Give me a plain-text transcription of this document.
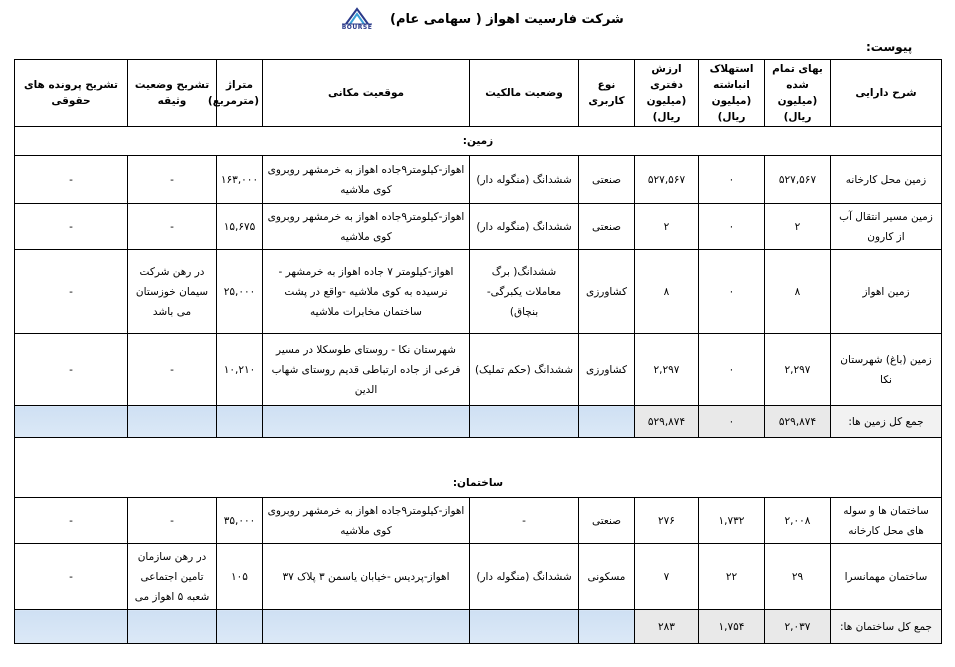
BOURSE
شرکت فارسیت اهواز ( سهامی عام)
پیوست:
شرح دارایی	بهای تمام شده (میلیون ریال)	استهلاک انباشته (میلیون ریال)	ارزش دفتری (میلیون ریال)	نوع کاربری	وضعیت مالکیت	موقعیت مکانی	متراژ (مترمربع)	تشریح وضعیت وثیقه	تشریح پرونده های حقوقی
زمین:									
زمین محل کارخانه	۵۲۷,۵۶۷	۰	۵۲۷,۵۶۷	صنعتی	ششدانگ (منگوله دار)	اهواز-کیلومتر۹جاده اهواز به خرمشهر روبروی کوی ملاشیه	۱۶۳,۰۰۰	-	-
زمین مسیر انتقال آب از کارون	۲	۰	۲	صنعتی	ششدانگ (منگوله دار)	اهواز-کیلومتر۹جاده اهواز به خرمشهر روبروی کوی ملاشیه	۱۵,۶۷۵	-	-
زمین اهواز	۸	۰	۸	کشاورزی	ششدانگ( برگ معاملات یکبرگی-بنچاق)	اهواز-کیلومتر ۷ جاده اهواز به خرمشهر - نرسیده به کوی ملاشیه -واقع در پشت ساختمان مخابرات ملاشیه	۲۵,۰۰۰	در رهن شرکت سیمان خوزستان می باشد	-
زمین (باغ) شهرستان نکا	۲,۲۹۷	۰	۲,۲۹۷	کشاورزی	ششدانگ (حکم تملیک)	شهرستان نکا - روستای طوسکلا در مسیر فرعی از جاده ارتباطی قدیم روستای شهاب الدین	۱۰,۲۱۰	-	-
جمع کل زمین ها:	۵۲۹,۸۷۴	۰	۵۲۹,۸۷۴						
ساختمان:									
ساختمان ها و سوله های محل کارخانه	۲,۰۰۸	۱,۷۳۲	۲۷۶	صنعتی	-	اهواز-کیلومتر۹جاده اهواز به خرمشهر روبروی کوی ملاشیه	۳۵,۰۰۰	-	-
ساختمان مهمانسرا	۲۹	۲۲	۷	مسکونی	ششدانگ (منگوله دار)	اهواز-پردیس -خیابان یاسمن ۳ پلاک ۳۷	۱۰۵	در رهن سازمان تامین اجتماعی شعبه ۵ اهواز می	-
جمع کل ساختمان ها:	۲,۰۳۷	۱,۷۵۴	۲۸۳						
